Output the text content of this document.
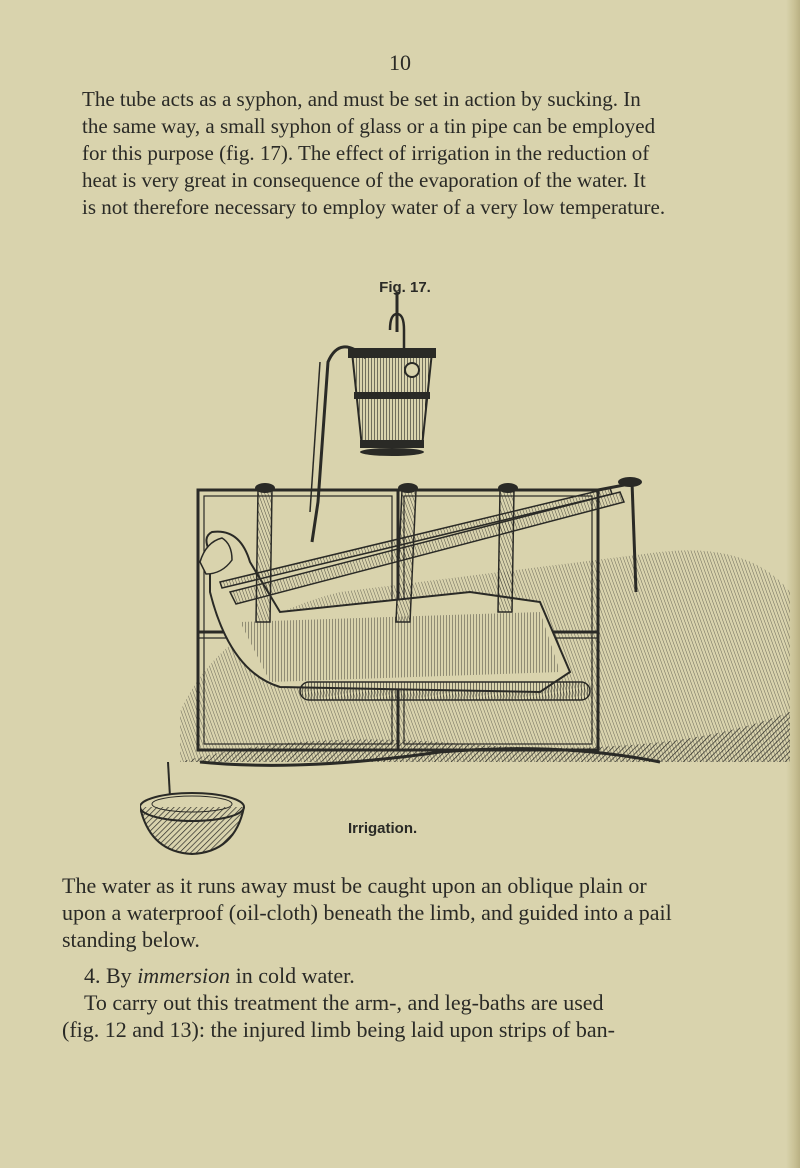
10

The tube acts as a syphon, and must be set in action by sucking. In
the same way, a small syphon of glass or a tin pipe can be employed
for this purpose (fig. 17). The effect of irrigation in the reduction of
heat is very great in consequence of the evaporation of the water. It
is not therefore necessary to employ water of a very low temperature.

Fig. 17.
Irrigation.

The water as it runs away must be caught upon an oblique plain or
upon a waterproof (oil-cloth) beneath the limb, and guided into a pail
standing below.

4. By immersion in cold water.
To carry out this treatment the arm-, and leg-baths are used
(fig. 12 and 13): the injured limb being laid upon strips of ban-
